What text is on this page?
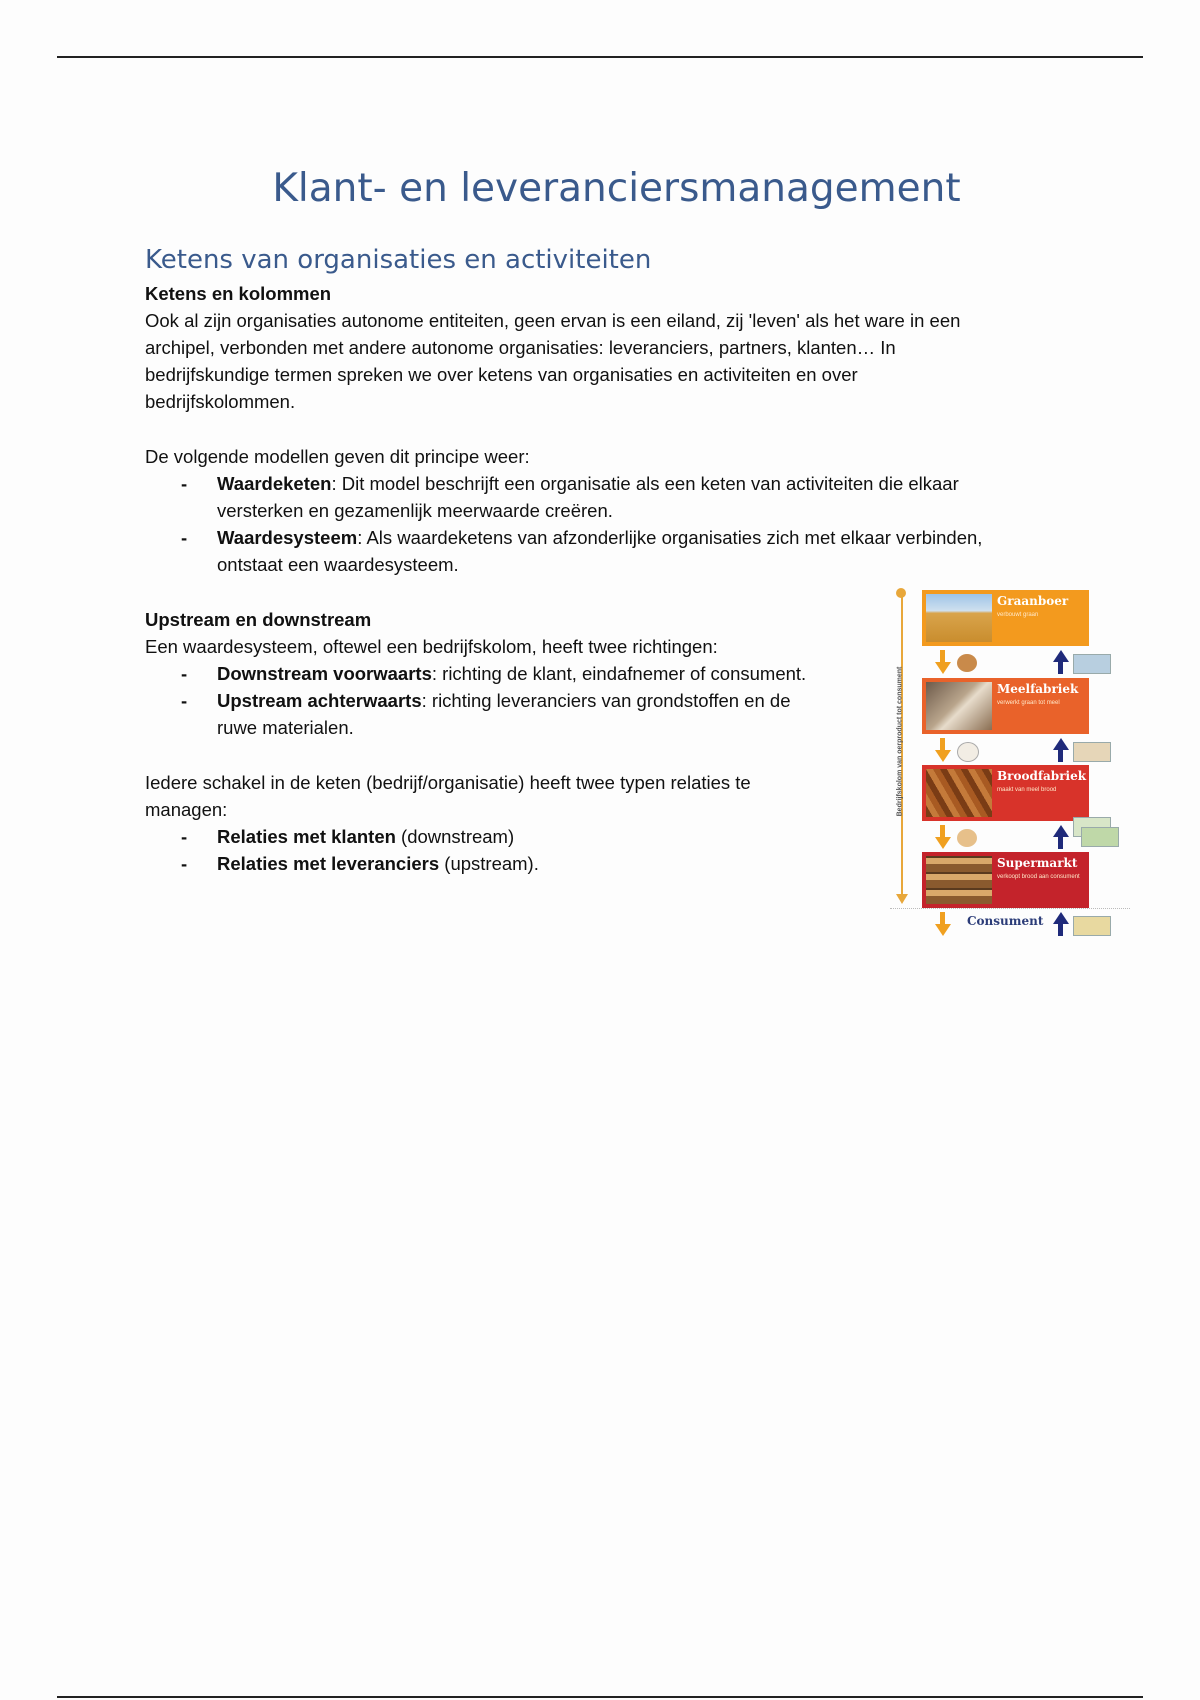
Klant- en leveranciersmanagement
Ketens van organisaties en activiteiten

Ketens en kolommen

Ook al zijn organisaties autonome entiteiten, geen ervan is een eiland, zij 'leven' als het ware in een

archipel, verbonden met andere autonome organisaties: leveranciers, partners, klanten… In

bedrijfskundige termen spreken we over ketens van organisaties en activiteiten en over

bedrijfskolommen.

De volgende modellen geven dit principe weer:

- Waardeketen: Dit model beschrijft een organisatie als een keten van activiteiten die elkaar
versterken en gezamenlijk meerwaarde creëren.
- Waardesysteem: Als waardeketens van afzonderlijke organisaties zich met elkaar verbinden,
ontstaat een waardesysteem.

Upstream en downstream

Een waardesysteem, oftewel een bedrijfskolom, heeft twee richtingen:

- Downstream voorwaarts: richting de klant, eindafnemer of consument.
- Upstream achterwaarts: richting leveranciers van grondstoffen en de
ruwe materialen.

Iedere schakel in de keten (bedrijf/organisatie) heeft twee typen relaties te

managen:

- Relaties met klanten (downstream)
- Relaties met leveranciers (upstream).
Bedrijfskolom van oerproduct tot consument
Graanboer
verbouwt graan
Meelfabriek
verwerkt graan tot meel
Broodfabriek
maakt van meel brood
Supermarkt
verkoopt brood aan consument
Consument
